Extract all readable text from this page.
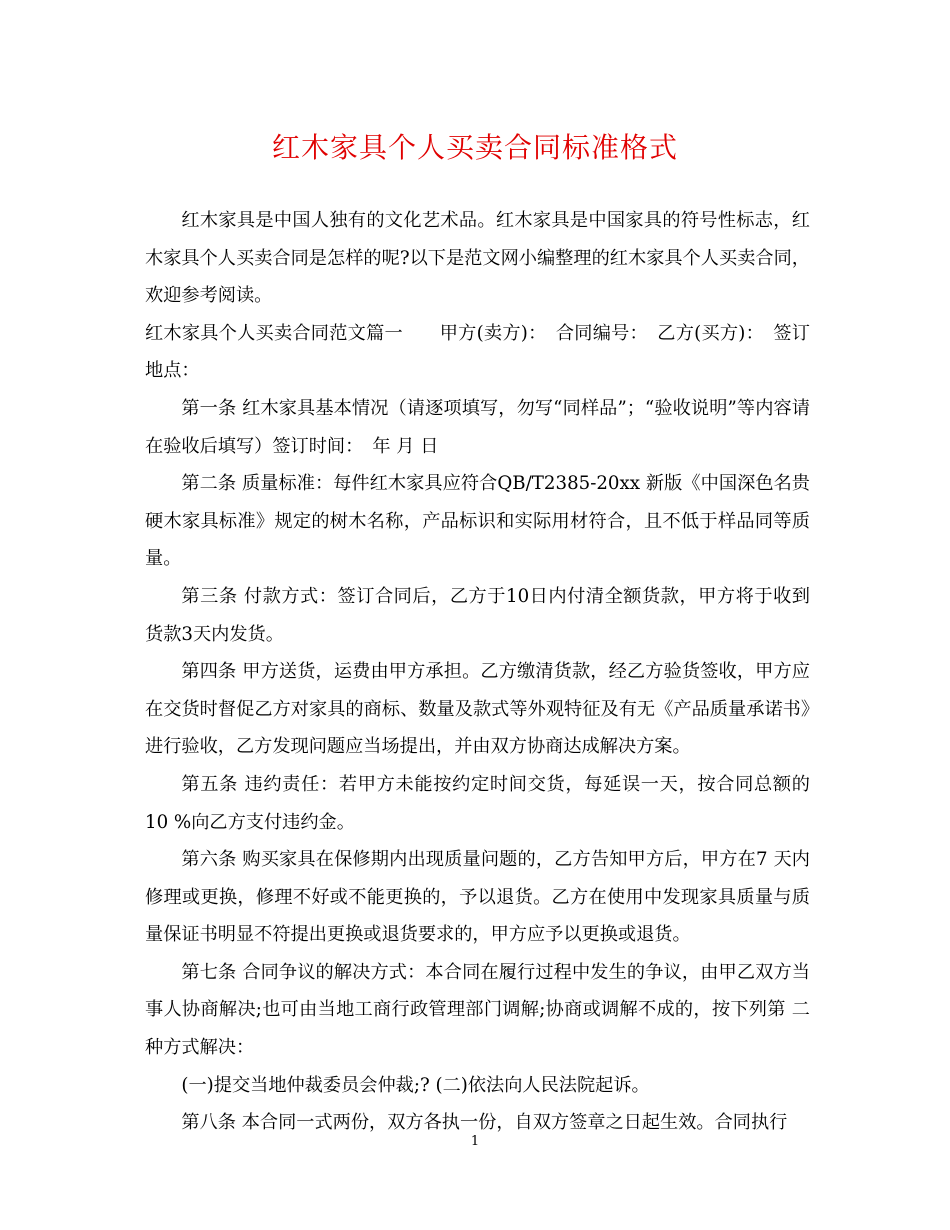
红木家具个人买卖合同标准格式

红木家具是中国人独有的文化艺术品。红木家具是中国家具的符号性标志，红木家具个人买卖合同是怎样的呢?以下是范文网小编整理的红木家具个人买卖合同，欢迎参考阅读。

红木家具个人买卖合同范文篇一　　甲方(卖方)：　合同编号：　乙方(买方)：　签订地点：

第一条 红木家具基本情况（请逐项填写，勿写“同样品”；“验收说明”等内容请在验收后填写）签订时间：　年 月 日

第二条 质量标准：每件红木家具应符合QB/T2385-20xx 新版《中国深色名贵硬木家具标准》规定的树木名称，产品标识和实际用材符合，且不低于样品同等质量。

第三条 付款方式：签订合同后，乙方于10日内付清全额货款，甲方将于收到货款3天内发货。

第四条 甲方送货，运费由甲方承担。乙方缴清货款，经乙方验货签收，甲方应在交货时督促乙方对家具的商标、数量及款式等外观特征及有无《产品质量承诺书》进行验收，乙方发现问题应当场提出，并由双方协商达成解决方案。

第五条 违约责任：若甲方未能按约定时间交货，每延误一天，按合同总额的10 %向乙方支付违约金。

第六条 购买家具在保修期内出现质量问题的，乙方告知甲方后，甲方在7 天内修理或更换，修理不好或不能更换的，予以退货。乙方在使用中发现家具质量与质量保证书明显不符提出更换或退货要求的，甲方应予以更换或退货。

第七条 合同争议的解决方式：本合同在履行过程中发生的争议，由甲乙双方当事人协商解决;也可由当地工商行政管理部门调解;协商或调解不成的，按下列第 二 种方式解决：

(一)提交当地仲裁委员会仲裁;? (二)依法向人民法院起诉。

第八条 本合同一式两份，双方各执一份，自双方签章之日起生效。合同执行

1
